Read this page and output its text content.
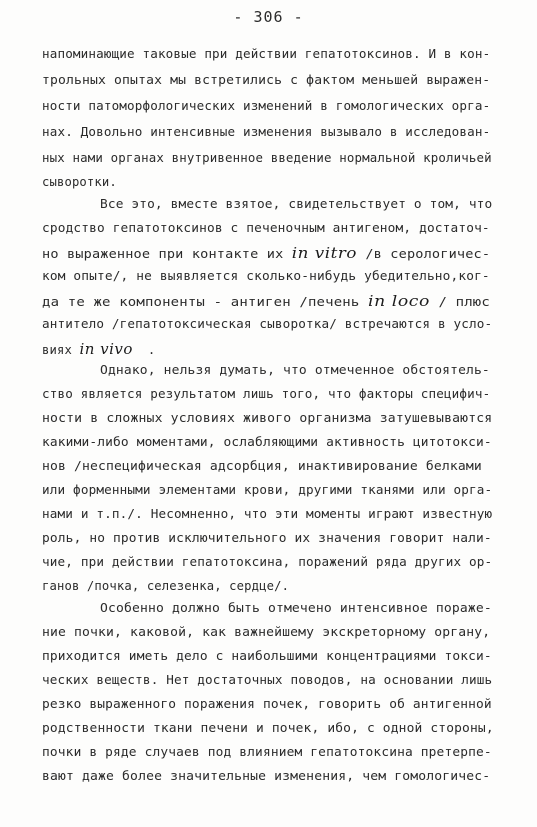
- 306 -
напоминающие таковые при действии гепатотоксинов. И в кон-
трольных опытах мы встретились с фактом меньшей выражен-
ности патоморфологических изменений в гомологических орга-
нах. Довольно интенсивные изменения вызывало в исследован-
ных нами органах внутривенное введение нормальной кроличьей
сыворотки.
Все это, вместе взятое, свидетельствует о том, что
сродство гепатотоксинов с печеночным антигеном, достаточ-
но выраженное при контакте их in vitro /в серологичес-
ком опыте/, не выявляется сколько-нибудь убедительно,ког-
да те же компоненты - антиген /печень in loco / плюс
антитело /гепатотоксическая сыворотка/ встречаются в усло-
виях in vivo  .
Однако, нельзя думать, что отмеченное обстоятель-
ство является результатом лишь того, что факторы специфич-
ности в сложных условиях живого организма затушевываются
какими-либо моментами, ослабляющими активность цитотокси-
нов /неспецифическая адсорбция, инактивирование белками
или форменными элементами крови, другими тканями или орга-
нами и т.п./. Несомненно, что эти моменты играют известную
роль, но против исключительного их значения говорит нали-
чие, при действии гепатотоксина, поражений ряда других ор-
ганов /почка, селезенка, сердце/.
Особенно должно быть отмечено интенсивное пораже-
ние почки, каковой, как важнейшему экскреторному органу,
приходится иметь дело с наибольшими концентрациями токси-
ческих веществ. Нет достаточных поводов, на основании лишь
резко выраженного поражения почек, говорить об антигенной
родственности ткани печени и почек, ибо, с одной стороны,
почки в ряде случаев под влиянием гепатотоксина претерпе-
вают даже более значительные изменения, чем гомологичес-
